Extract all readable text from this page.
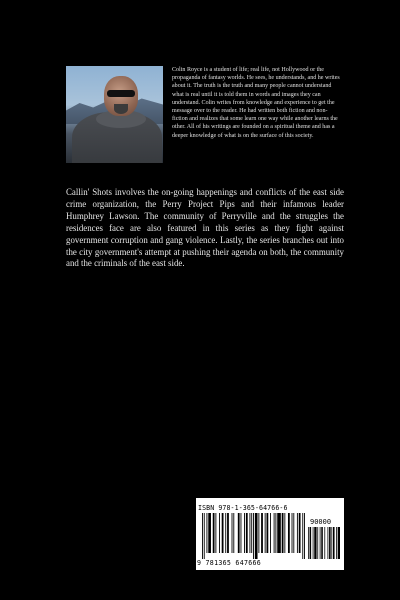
Colin Royce is a student of life; real life, not Hollywood or the propaganda of fantasy worlds. He sees, he understands, and he writes about it. The truth is the truth and many people cannot understand what is real until it is told them in words and images they can understand. Colin writes from knowledge and experience to get the message over to the reader. He had written both fiction and non-fiction and realizes that some learn one way while another learns the other. All of his writings are founded on a spiritual theme and has a deeper knowledge of what is on the surface of this society.

Callin' Shots involves the on-going happenings and conflicts of the east side crime organization, the Perry Project Pips and their infamous leader Humphrey Lawson. The community of Perryville and the struggles the residences face are also featured in this series as they fight against government corruption and gang violence. Lastly, the series branches out into the city government's attempt at pushing their agenda on both, the community and the criminals of the east side.

ISBN 978-1-365-64766-6
90000
9 781365 647666
